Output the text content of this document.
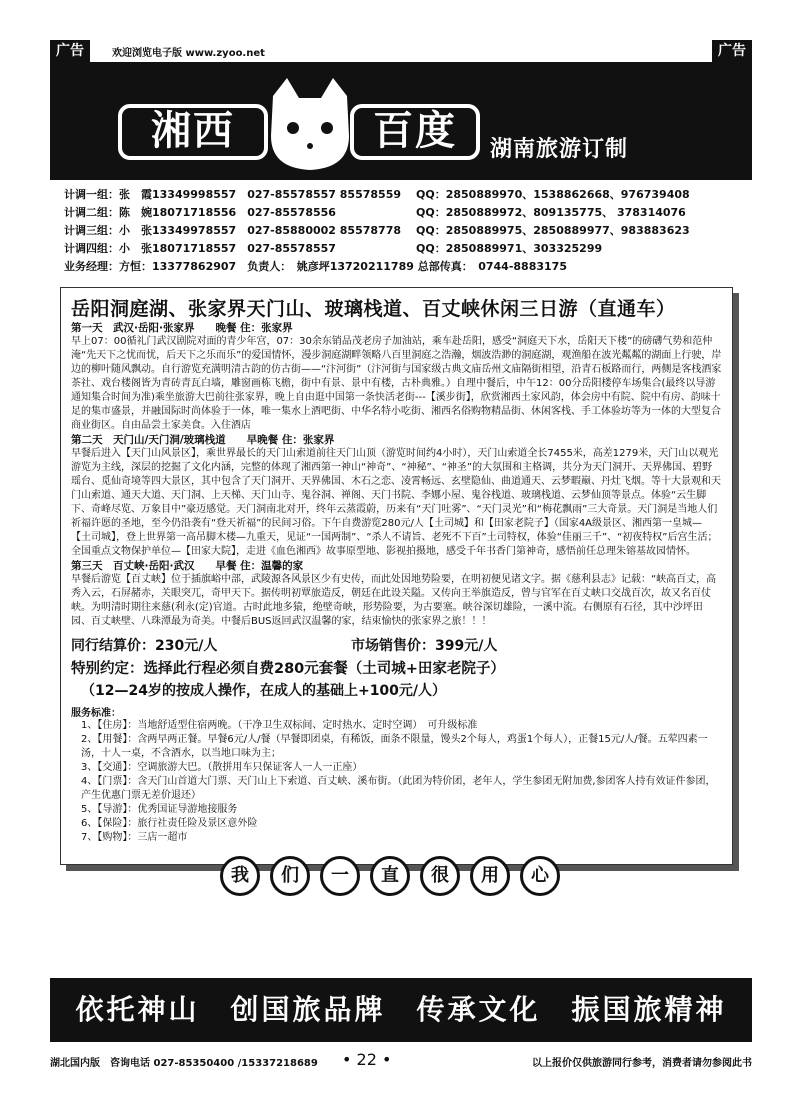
广告	欢迎浏览电子版 www.zyoo.net	广告
湘西	百度	湖南旅游订制
计调一组：张　霞13349998557　027-85578557 85578559	QQ：2850889970、1538862668、976739408
计调二组：陈　婉18071718556　027-85578556	QQ：2850889972、809135775、 378314076
计调三组：小　张13349978557　027-85880002 85578778	QQ：2850889975、2850889977、983883623
计调四组：小　张18071718557　027-85578557	QQ：2850889971、303325299
业务经理：方恒：13377862907　负责人：　姚彦坪13720211789 总部传真：　0744-8883175
岳阳洞庭湖、张家界天门山、玻璃栈道、百丈峡休闲三日游（直通车）
第一天　武汉·岳阳·张家界　　晚餐 住：张家界
早上07：00循礼门武汉剧院对面的青少年宫，07：30余东销品茂老房子加油站，乘车赴岳阳，感受“洞庭天下水，岳阳天下楼”的磅礴气势和范仲淹“先天下之忧而忧，后天下之乐而乐”的爱国情怀，漫步洞庭湖畔领略八百里洞庭之浩瀚，烟波浩渺的洞庭湖，观渔船在波光粼粼的湖面上行驶，岸边的柳叶随风飘动。自行游览充满明清古韵的仿古街——“汴河街”（汴河街与国家级古典文庙岳州文庙隔街相望，沿青石板路而行，两侧是客栈酒家茶社、戏台楼阁皆为青砖青瓦白墙，雕窗画栋飞檐，街中有景、景中有楼，古朴典雅。）自理中餐后，中午12：00分岳阳楼停车场集合(最终以导游通知集合时间为准)乘坐旅游大巴前往张家界，晚上自由逛中国第一条快活老街---【溪步街】，欣赏湘西土家风韵，体会房中有院、院中有房、韵味十足的集市盛景，并融国际时尚体验于一体，唯一集水上酒吧街、中华名特小吃街、湘西名俗购物精品街、休闲客栈、手工体验坊等为一体的大型复合商业街区。自由品尝土家美食。入住酒店
第二天　天门山/天门洞/玻璃栈道　　早晚餐 住：张家界
早餐后进入【天门山风景区】，乘世界最长的天门山索道前往天门山顶（游览时间约4小时），天门山索道全长7455米，高差1279米，天门山以观光游览为主线，深层的挖掘了文化内涵，完整的体现了湘西第一神山“神奇”、“神秘”、“神圣”的大氛围和主格调，共分为天门洞开、天界佛国、碧野瑶台、觅仙奇境等四大景区，其中包含了天门洞开、天界佛国、木石之恋、凌霄畅远、玄壁隐仙、曲道通天、云梦暇巅、丹灶飞烟。等十大景观和天门山索道、通天大道、天门洞、上天梯、天门山寺、鬼谷洞、禅阁、天门书院、李娜小屋、鬼谷栈道、玻璃栈道、云梦仙顶等景点。体验“云生脚下、奇峰尽览、万象目中”豪迈感觉。天门洞南北对开，终年云蒸霞蔚，历来有“天门吐雾”、“天门灵光”和“梅花飘雨”三大奇景。天门洞是当地人们祈福许愿的圣地，至今仍沿袭有“登天祈福”的民间习俗。下午自费游览280元/人【土司城】和【田家老院子】（国家4A级景区、湘西第一皇城—【土司城】，登上世界第一高吊脚木楼—九重天，见证“一国两制”、“杀人不请旨、老死不下百”土司特权，体验“佳丽三千”、“初夜特权”后宫生活；全国重点文物保护单位—【田家大院】，走进《血色湘西》故事原型地、影视拍摄地，感受千年书香门第神奇，感悟前任总理朱镕基故园情怀。
第三天　百丈峡·岳阳·武汉　　早餐 住：温馨的家
早餐后游览【百丈峡】位于插旗峪中部，武陵源各风景区少有史传，而此处因地势险要，在明初便见诸文字。据《慈利县志》记载：“峡高百丈，高秀入云，石屏赭赤，关眼突兀，奇甲天下。据传明初覃旅造反，朝廷在此设关隘。又传向王举旗造反，曾与官军在百丈峡口交战百次，故又名百仗峡。为明清时期往来慈(利永(定)官道。古时此地多猿，绝壁奇峡，形势险要，为古要塞。峡谷深切雄险，一溪中流。右侧原有石径，其中沙坪田园、百丈峡壁、八珠潭最为奇美。中餐后BUS返回武汉温馨的家，结束愉快的张家界之旅！！！
同行结算价：230元/人	市场销售价：399元/人
特别约定：选择此行程必须自费280元套餐（土司城+田家老院子）
（12—24岁的按成人操作，在成人的基础上+100元/人）
服务标准：
1、【住房】：当地舒适型住宿两晚。（干净卫生双标间、定时热水、定时空调）　可升级标准
2、【用餐】：含两早两正餐。早餐6元/人/餐（早餐即团桌，有稀饭，面条不限量，馒头2个每人，鸡蛋1个每人），正餐15元/人/餐。五荤四素一汤，十人一桌，不含酒水，以当地口味为主；
3、【交通】：空调旅游大巴。（散拼用车只保证客人一人一正座）
4、【门票】：含天门山首道大门票、天门山上下索道、百丈峡、溪布街。（此团为特价团，老年人，学生参团无附加费,参团客人持有效证件参团，产生优惠门票无差价退还）
5、【导游】：优秀国证导游地接服务
6、【保险】：旅行社责任险及景区意外险
7、【购物】：三店一超市
我	们	一	直	很	用	心
依托神山　创国旅品牌　传承文化　振国旅精神
湖北国内版　咨询电话 027-85350400 /15337218689 • 22 •	以上报价仅供旅游同行参考，消费者请勿参阅此书
